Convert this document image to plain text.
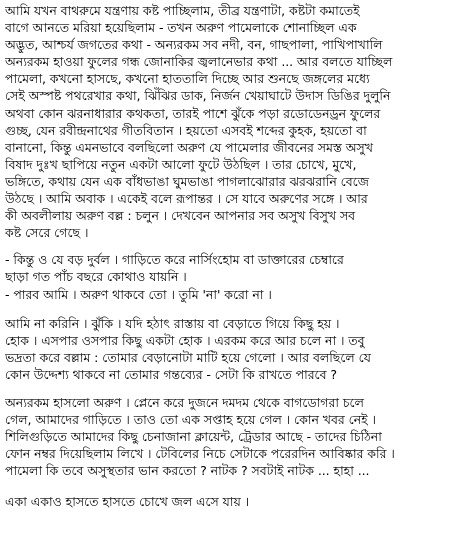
আমি যখন বাথরুমে যন্ত্রণায় কষ্ট পাচ্ছিলাম, তীব্র যন্ত্রণাটা, কষ্টটা কমাতেই
বাগে আনতে মরিয়া হয়েছিলাম - তখন অরুণ পামেলাকে শোনাচ্ছিল এক
অদ্ভুত, আশ্চর্য জগতের কথা - অন্যরকম সব নদী, বন, গাছপালা, পাখিপাখালি
অন্যরকম হাওয়া ফুলের গন্ধ জোনাকির জ্বলানেভার কথা ... আর বলতে যাচ্ছিল
পামেলা, কখনো হাসছে, কখনো হাততালি দিচ্ছে আর শুনছে জঙ্গলের মধ্যে
সেই অস্পষ্ট পথরেখার কথা, ঝিঁঝির ডাক, নির্জন খেয়াঘাটে উদাস ডিঙির দুলুনি
অথবা কোন ঝরনাধারার কথকতা, তারই পাশে ঝুঁকে পড়া রডোডেনড্রন ফুলের
গুচ্ছ, যেন রবীন্দ্রনাথের গীতবিতান । হয়তো এসবই শব্দের কুহক, হয়তো বা
বানানো, কিন্তু এমনভাবে বলছিলো অরুণ যে পামেলার জীবনের সমস্ত অসুখ
বিষাদ দুঃখ ছাপিয়ে নতুন একটা আলো ফুটে উঠছিল । তার চোখে, মুখে,
ভঙ্গিতে, কথায় যেন এক বাঁধভাঙা ঘুমভাঙা পাগলাঝোরার ঝরঝরানি বেজে
উঠছে । আমি অবাক । একেই বলে রূপান্তর । সে যাবে অরুণের সঙ্গে । আর
কী অবলীলায় অরুণ বল্ল : চলুন । দেখবেন আপনার সব অসুখ বিসুখ সব
কষ্ট সেরে গেছে ।
- কিন্তু ও যে বড় দুর্বল । গাড়িতে করে নার্সিংহোম বা ডাক্তারের চেম্বারে
ছাড়া গত পাঁচ বছরে কোথাও যায়নি ।
- পারব আমি । অরুণ থাকবে তো । তুমি 'না' করো না ।
আমি না করিনি । ঝুঁকি । যদি হঠাৎ রাস্তায় বা বেড়াতে গিয়ে কিছু হয় ।
হোক । এসপার ওসপার কিছু একটা হোক । এরকম করে আর চলে না । তবু
ভদ্রতা করে বল্লাম : তোমার বেড়ানোটা মাটি হয়ে গেলো । আর বলছিলে যে
কোন উদ্দেশ্য থাকবে না তোমার গন্তব্যের - সেটা কি রাখতে পারবে ?
অন্যরকম হাসলো অরুণ । প্লেনে করে দুজনে দমদম থেকে বাগডোগরা চলে
গেল, আমাদের গাড়িতে । তাও তো এক সপ্তাহ হয়ে গেল । কোন খবর নেই ।
শিলিগুড়িতে আমাদের কিছু চেনাজানা ক্লায়েন্ট, ট্রেডার আছে - তাদের চিঠিনা
ফোন নম্বর দিয়েছিলাম লিখে । টেবিলের নিচে সেটাকে পরেরদিন আবিষ্কার করি ।
পামেলা কি তবে অসুস্থতার ভান করতো ? নাটক ? সবটাই নাটক ... হাহা ...
একা একাও হাসতে হাসতে চোখে জল এসে যায় ।
